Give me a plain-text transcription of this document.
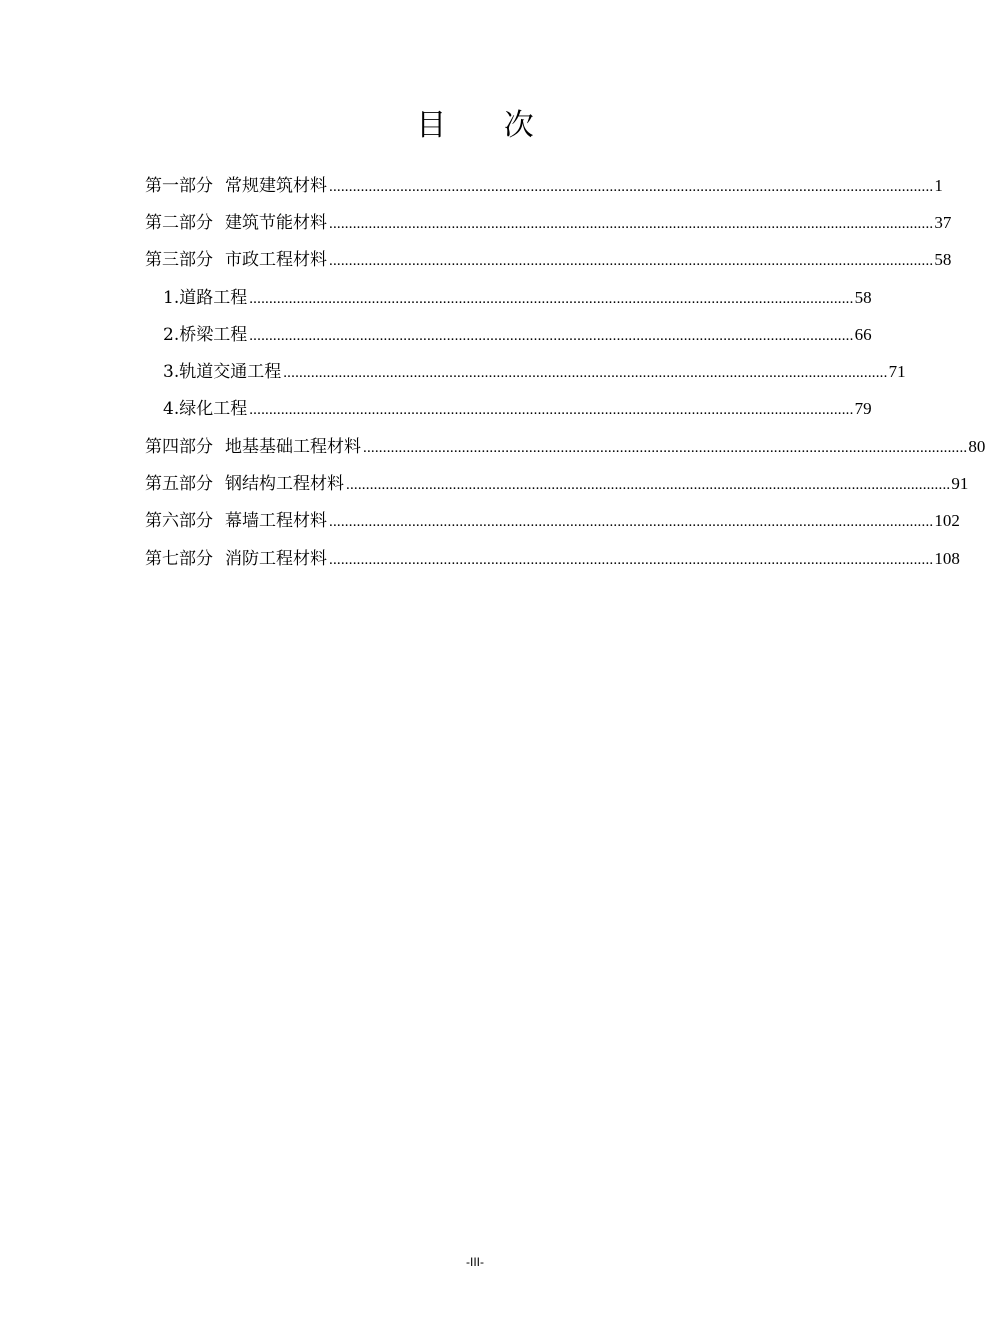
目 次
第一部分 常规建筑材料 ......................................................................................................................................................... 1
第二部分 建筑节能材料 ......................................................................................................................................................... 37
第三部分 市政工程材料 ......................................................................................................................................................... 58
1.道路工程 ......................................................................................................................................................... 58
2.桥梁工程 ......................................................................................................................................................... 66
3.轨道交通工程 ......................................................................................................................................................... 71
4.绿化工程 ......................................................................................................................................................... 79
第四部分 地基基础工程材料 ......................................................................................................................................................... 80
第五部分 钢结构工程材料 ......................................................................................................................................................... 91
第六部分 幕墙工程材料 ......................................................................................................................................................... 102
第七部分 消防工程材料 ......................................................................................................................................................... 108
-III-
